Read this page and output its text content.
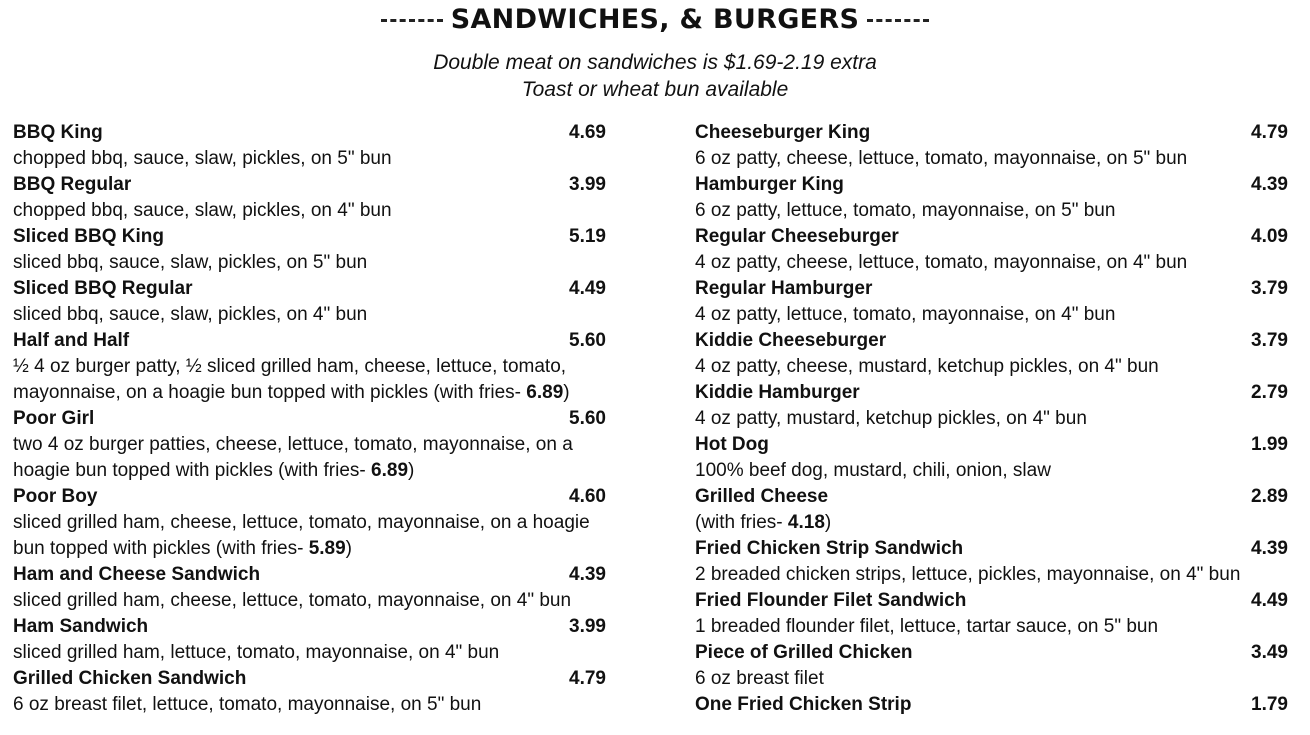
SANDWICHES, & BURGERS
Double meat on sandwiches is $1.69-2.19 extra
Toast or wheat bun available
BBQ King	4.69
chopped bbq, sauce, slaw, pickles, on 5" bun
BBQ Regular	3.99
chopped bbq, sauce, slaw, pickles, on 4" bun
Sliced BBQ King	5.19
sliced bbq, sauce, slaw, pickles, on 5" bun
Sliced BBQ Regular	4.49
sliced bbq, sauce, slaw, pickles, on 4" bun
Half and Half	5.60
½ 4 oz burger patty, ½ sliced grilled ham, cheese, lettuce, tomato,
mayonnaise, on a hoagie bun topped with pickles (with fries- 6.89)
Poor Girl	5.60
two 4 oz burger patties, cheese, lettuce, tomato, mayonnaise, on a
hoagie bun topped with pickles (with fries- 6.89)
Poor Boy	4.60
sliced grilled ham, cheese, lettuce, tomato, mayonnaise, on a hoagie
bun topped with pickles (with fries- 5.89)
Ham and Cheese Sandwich	4.39
sliced grilled ham, cheese, lettuce, tomato, mayonnaise, on 4" bun
Ham Sandwich	3.99
sliced grilled ham, lettuce, tomato, mayonnaise, on 4" bun
Grilled Chicken Sandwich	4.79
6 oz breast filet, lettuce, tomato, mayonnaise, on 5" bun
Cheeseburger King	4.79
6 oz patty, cheese, lettuce, tomato, mayonnaise, on 5" bun
Hamburger King	4.39
6 oz patty, lettuce, tomato, mayonnaise, on 5" bun
Regular Cheeseburger	4.09
4 oz patty, cheese, lettuce, tomato, mayonnaise, on 4" bun
Regular Hamburger	3.79
4 oz patty, lettuce, tomato, mayonnaise, on 4" bun
Kiddie Cheeseburger	3.79
4 oz patty, cheese, mustard, ketchup pickles, on 4" bun
Kiddie Hamburger	2.79
4 oz patty, mustard, ketchup pickles, on 4" bun
Hot Dog	1.99
100% beef dog, mustard, chili, onion, slaw
Grilled Cheese	2.89
(with fries- 4.18)
Fried Chicken Strip Sandwich	4.39
2 breaded chicken strips, lettuce, pickles, mayonnaise, on 4" bun
Fried Flounder Filet Sandwich	4.49
1 breaded flounder filet, lettuce, tartar sauce, on 5" bun
Piece of Grilled Chicken	3.49
6 oz breast filet
One Fried Chicken Strip	1.79
